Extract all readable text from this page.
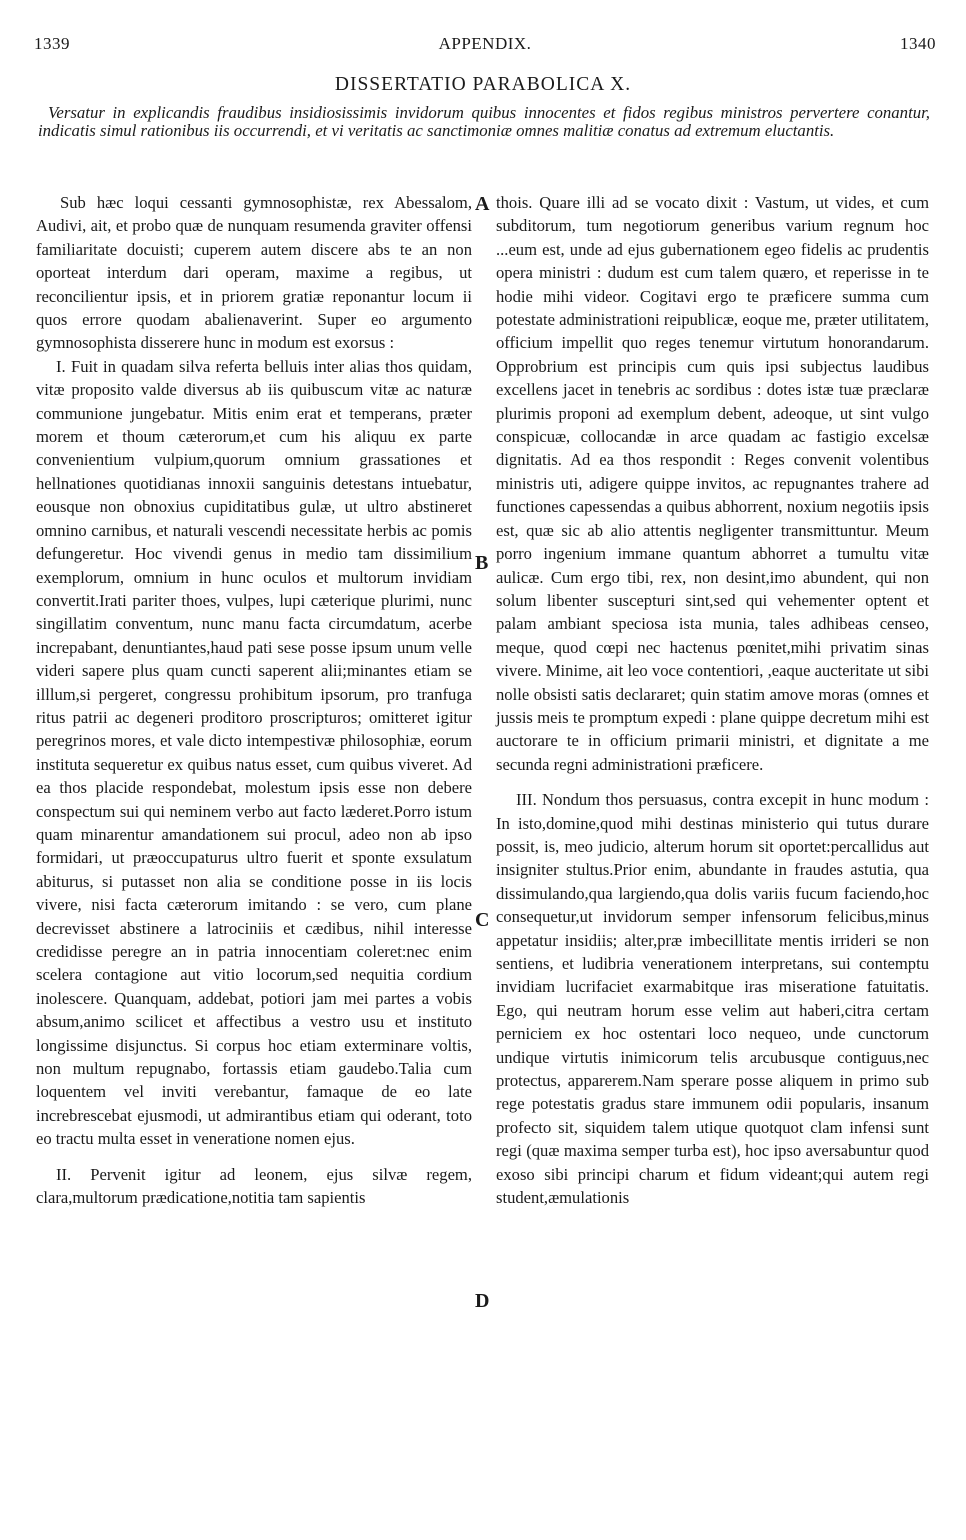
1339	APPENDIX.	1340
DISSERTATIO PARABOLICA X.
Versatur in explicandis fraudibus insidiosissimis invidorum quibus innocentes et fidos regibus ministros pervertere conantur, indicatis simul rationibus iis occurrendi, et vi veritatis ac sanctimoniæ omnes malitiæ conatus ad extremum eluctantis.

Sub hæc loqui cessanti gymnosophistæ, rex Abessalom, Audivi, ait, et probo quæ de nunquam resumenda graviter offensi familiaritate docuisti; cuperem autem discere abs te an non oporteat interdum dari operam, maxime a regibus, ut reconcilientur ipsis, et in priorem gratiæ reponantur locum ii quos errore quodam abalienaverint. Super eo argumento gymnosophista disserere hunc in modum est exorsus :

I. Fuit in quadam silva referta belluis inter alias thos quidam, vitæ proposito valde diversus ab iis quibuscum vitæ ac naturæ communione jungebatur. Mitis enim erat et temperans, præter morem et thoum cæterorum,et cum his aliquu ex parte convenientium vulpium,quorum omnium grassationes et hellnationes quotidianas innoxii sanguinis detestans intuebatur, eousque non obnoxius cupiditatibus gulæ, ut ultro abstineret omnino carnibus, et naturali vescendi necessitate herbis ac pomis defungeretur. Hoc vivendi genus in medio tam dissimilium exemplorum, omnium in hunc oculos et multorum invidiam convertit.Irati pariter thoes, vulpes, lupi cæterique plurimi, nunc singillatim conventum, nunc manu facta circumdatum, acerbe increpabant, denuntiantes,haud pati sese posse ipsum unum velle videri sapere plus quam cuncti saperent alii;minantes etiam se illlum,si pergeret, congressu prohibitum ipsorum, pro tranfuga ritus patrii ac degeneri proditoro proscripturos; omitteret igitur peregrinos mores, et vale dicto intempestivæ philosophiæ, eorum instituta sequeretur ex quibus natus esset, cum quibus viveret. Ad ea thos placide respondebat, molestum ipsis esse non debere conspectum sui qui neminem verbo aut facto læderet.Porro istum quam minarentur amandationem sui procul, adeo non ab ipso formidari, ut præoccupaturus ultro fuerit et sponte exsulatum abiturus, si putasset non alia se conditione posse in iis locis vivere, nisi facta cæterorum imitando : se vero, cum plane decrevisset abstinere a latrociniis et cædibus, nihil interesse credidisse peregre an in patria innocentiam coleret:nec enim scelera contagione aut vitio locorum,sed nequitia cordium inolescere. Quanquam, addebat, potiori jam mei partes a vobis absum,animo scilicet et affectibus a vestro usu et instituto longissime disjunctus. Si corpus hoc etiam exterminare voltis, non multum repugnabo, fortassis etiam gaudebo.Talia cum loquentem vel inviti verebantur, famaque de eo late increbrescebat ejusmodi, ut admirantibus etiam qui oderant, toto eo tractu multa esset in veneratione nomen ejus.

II. Pervenit igitur ad leonem, ejus silvæ regem, clara,multorum prædicatione,notitia tam sapientis

thois. Quare illi ad se vocato dixit : Vastum, ut vides, et cum subditorum, tum negotiorum generibus varium regnum hoc ...eum est, unde ad ejus gubernationem egeo fidelis ac prudentis opera ministri : dudum est cum talem quæro, et reperisse in te hodie mihi videor. Cogitavi ergo te præficere summa cum potestate administrationi reipublicæ, eoque me, præter utilitatem, officium impellit quo reges tenemur virtutum honorandarum. Opprobrium est principis cum quis ipsi subjectus laudibus excellens jacet in tenebris ac sordibus : dotes istæ tuæ præclaræ plurimis proponi ad exemplum debent, adeoque, ut sint vulgo conspicuæ, collocandæ in arce quadam ac fastigio excelsæ dignitatis. Ad ea thos respondit : Reges convenit volentibus ministris uti, adigere quippe invitos, ac repugnantes trahere ad functiones capessendas a quibus abhorrent, noxium negotiis ipsis est, quæ sic ab alio attentis negligenter transmittuntur. Meum porro ingenium immane quantum abhorret a tumultu vitæ aulicæ. Cum ergo tibi, rex, non desint,imo abundent, qui non solum libenter suscepturi sint,sed qui vehementer optent et palam ambiant speciosa ista munia, tales adhibeas censeo, meque, quod cœpi nec hactenus pœnitet,mihi privatim sinas vivere. Minime, ait leo voce contentiori, ,eaque aucteritate ut sibi nolle obsisti satis declararet; quin statim amove moras (omnes et jussis meis te promptum expedi : plane quippe decretum mihi est auctorare te in officium primarii ministri, et dignitate a me secunda regni administrationi præficere.

III. Nondum thos persuasus, contra excepit in hunc modum : In isto,domine,quod mihi destinas ministerio qui tutus durare possit, is, meo judicio, alterum horum sit oportet:percallidus aut insigniter stultus.Prior enim, abundante in fraudes astutia, qua dissimulando,qua largiendo,qua dolis variis fucum faciendo,hoc consequetur,ut invidorum semper infensorum felicibus,minus appetatur insidiis; alter,præ imbecillitate mentis irrideri se non sentiens, et ludibria venerationem interpretans, sui contemptu invidiam lucrifaciet exarmabitque iras miseratione fatuitatis. Ego, qui neutram horum esse velim aut haberi,citra certam perniciem ex hoc ostentari loco nequeo, unde cunctorum undique virtutis inimicorum telis arcubusque contiguus,nec protectus, apparerem.Nam sperare posse aliquem in primo sub rege potestatis gradus stare immunem odii popularis, insanum profecto sit, siquidem talem utique quotquot clam infensi sunt regi (quæ maxima semper turba est), hoc ipso aversabuntur quod exoso sibi principi charum et fidum videant;qui autem regi student,æmulationis

A
B
C
D
